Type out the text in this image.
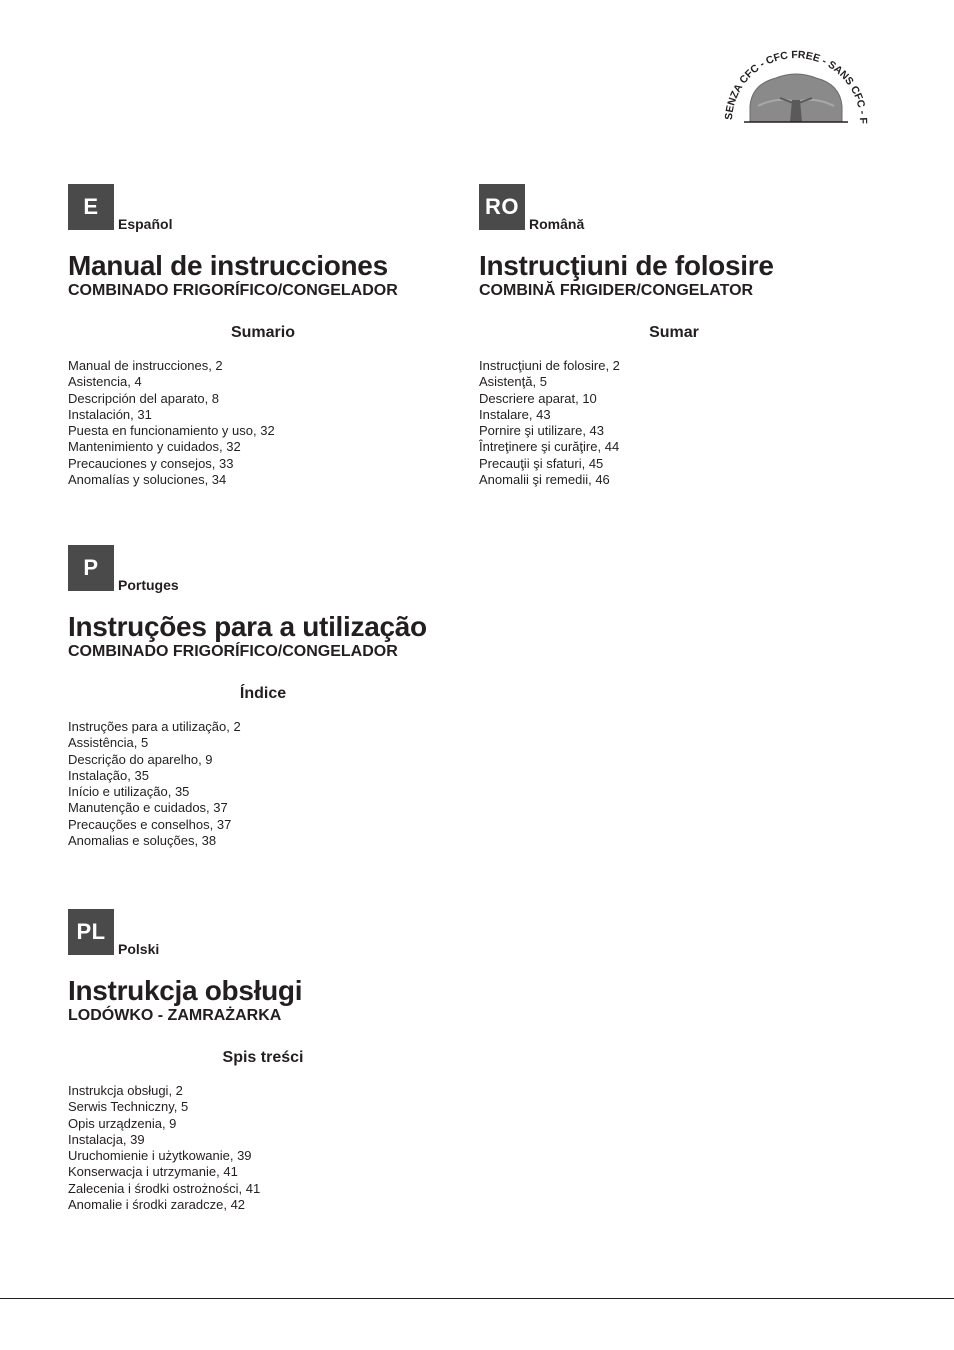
SENZA CFC - CFC FREE - SANS CFC - F
E
Español
Manual de instrucciones
COMBINADO FRIGORÍFICO/CONGELADOR
Sumario
Manual de instrucciones, 2
Asistencia, 4
Descripción del aparato, 8
Instalación, 31
Puesta en funcionamiento y uso, 32
Mantenimiento y cuidados, 32
Precauciones y consejos, 33
Anomalías y soluciones, 34
RO
Română
Instrucţiuni de folosire
COMBINĂ FRIGIDER/CONGELATOR
Sumar
Instrucţiuni de folosire, 2
Asistenţă, 5
Descriere aparat, 10
Instalare, 43
Pornire şi utilizare, 43
Întreţinere şi curăţire, 44
Precauţii şi sfaturi, 45
Anomalii şi remedii, 46
P
Portuges
Instruções para a utilização
COMBINADO FRIGORÍFICO/CONGELADOR
Índice
Instruções para a utilização, 2
Assistência, 5
Descrição do aparelho, 9
Instalação, 35
Início e utilização, 35
Manutenção e cuidados, 37
Precauções e conselhos, 37
Anomalias e soluções, 38
PL
Polski
Instrukcja obsługi
LODÓWKO - ZAMRAŻARKA
Spis treści
Instrukcja obsługi, 2
Serwis Techniczny, 5
Opis urządzenia, 9
Instalacja, 39
Uruchomienie i użytkowanie, 39
Konserwacja i utrzymanie, 41
Zalecenia i środki ostrożności, 41
Anomalie i środki zaradcze, 42
